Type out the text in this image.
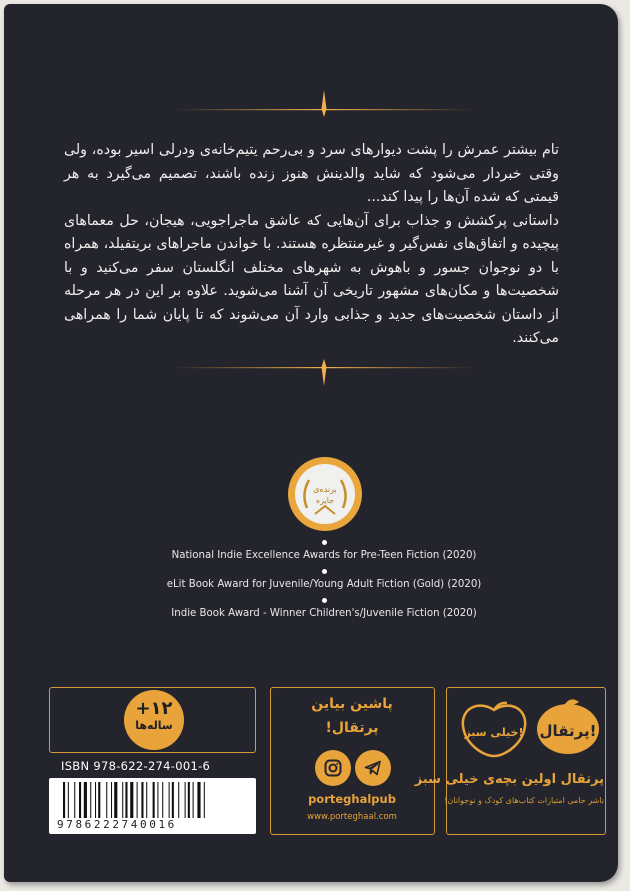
تام بیشتر عمرش را پشت دیوارهای سرد و بی‌رحم یتیم‌خانه‌ی ودرلی اسیر بوده، ولی وقتی خبردار می‌شود که شاید والدینش هنوز زنده باشند، تصمیم می‌گیرد به هر قیمتی که شده آن‌ها را پیدا کند...

داستانی پرکشش و جذاب برای آن‌هایی که عاشق ماجراجویی، هیجان، حل معماهای پیچیده و اتفاق‌های نفس‌گیر و غیرمنتظره هستند. با خواندن ماجراهای بریتفیلد، همراه با دو نوجوان جسور و باهوش به شهرهای مختلف انگلستان سفر می‌کنید و با شخصیت‌ها و مکان‌های مشهور تاریخی آن آشنا می‌شوید. علاوه بر این در هر مرحله از داستان شخصیت‌های جدید و جذابی وارد آن می‌شوند که تا پایان شما را همراهی می‌کنند.

برنده‌ی
جایزه
National Indie Excellence Awards for Pre-Teen Fiction (2020)
eLit Book Award for Juvenile/Young Adult Fiction (Gold) (2020)
Indie Book Award - Winner Children's/Juvenile Fiction (2020)
+۱۲
ساله‌ها
ISBN 978-622-274-001-6
9786222740016
پاشین بیاین
پرتقال!
porteghalpub
www.porteghaal.com
پرتقال!
خیلی سبز!
پرتقال اولین بچه‌ی خیلی سبز
ناشر حامی امتیازات کتاب‌های کودک و نوجوانان!
